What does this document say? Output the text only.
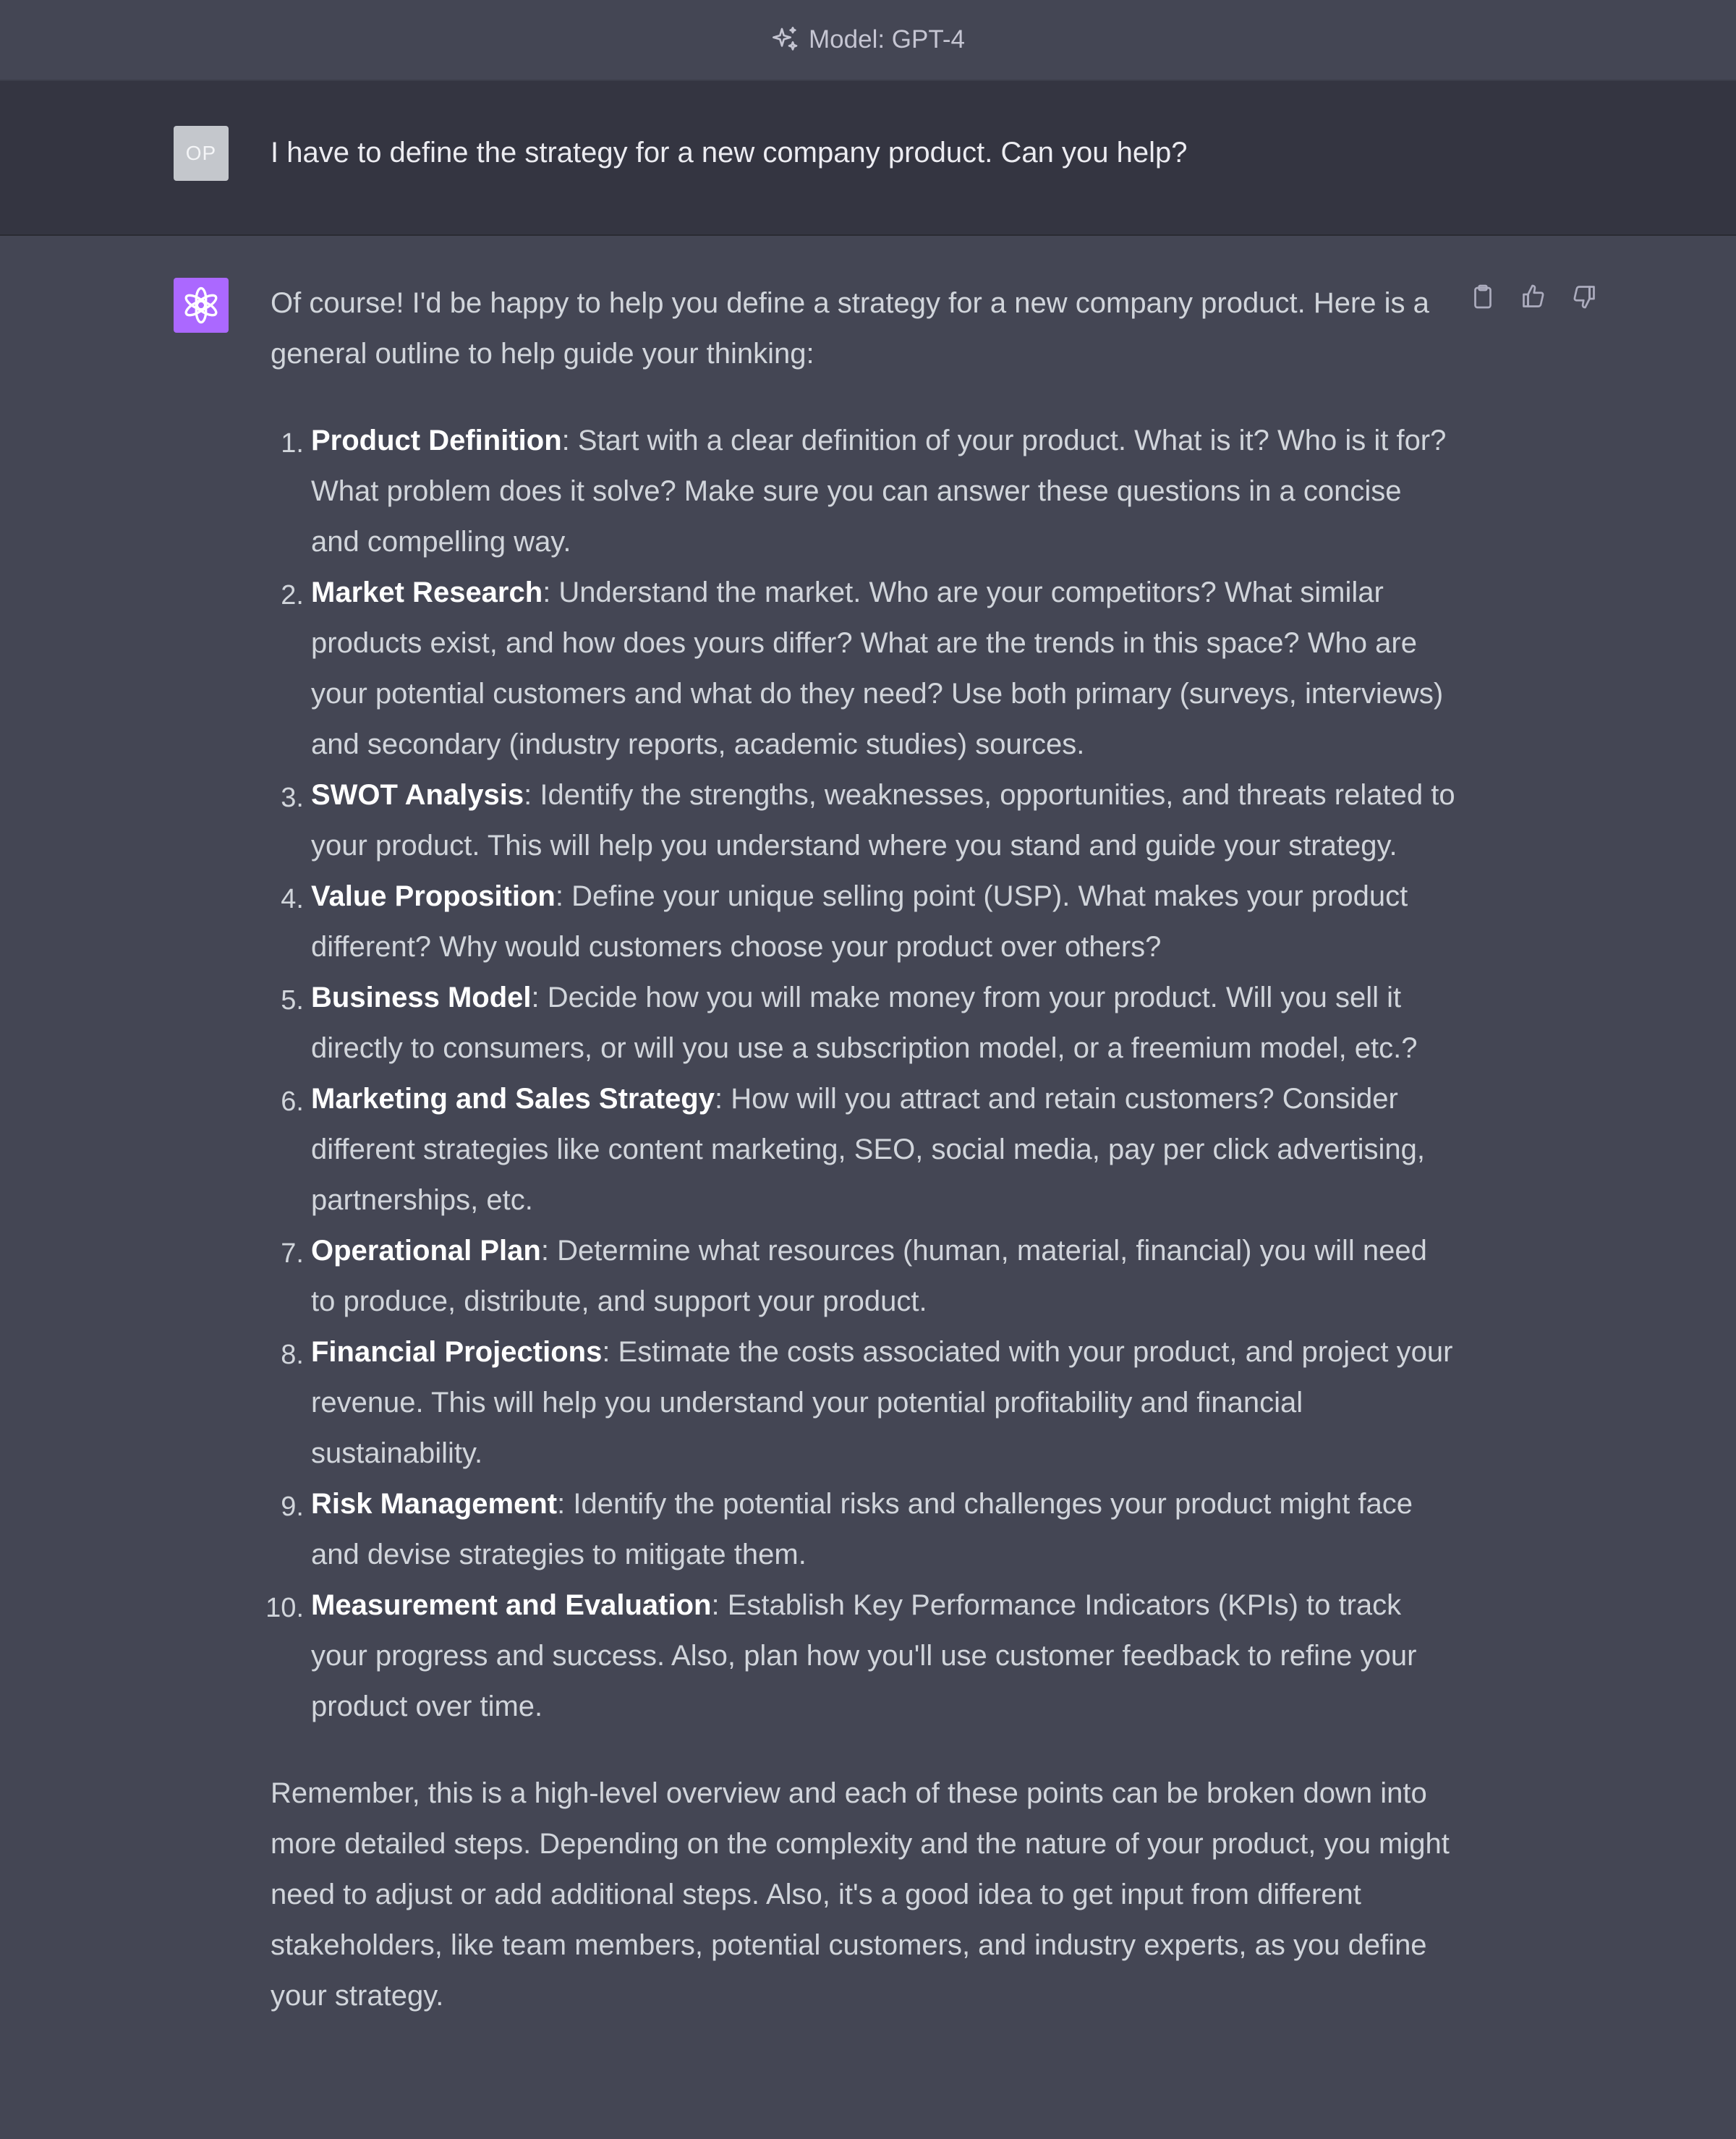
Model: GPT-4
OP I have to define the strategy for a new company product. Can you help?

Of course! I'd be happy to help you define a strategy for a new company product. Here is a general outline to help guide your thinking:

1. Product Definition: Start with a clear definition of your product. What is it? Who is it for? What problem does it solve? Make sure you can answer these questions in a concise and compelling way.
2. Market Research: Understand the market. Who are your competitors? What similar products exist, and how does yours differ? What are the trends in this space? Who are your potential customers and what do they need? Use both primary (surveys, interviews) and secondary (industry reports, academic studies) sources.
3. SWOT Analysis: Identify the strengths, weaknesses, opportunities, and threats related to your product. This will help you understand where you stand and guide your strategy.
4. Value Proposition: Define your unique selling point (USP). What makes your product different? Why would customers choose your product over others?
5. Business Model: Decide how you will make money from your product. Will you sell it directly to consumers, or will you use a subscription model, or a freemium model, etc.?
6. Marketing and Sales Strategy: How will you attract and retain customers? Consider different strategies like content marketing, SEO, social media, pay per click advertising, partnerships, etc.
7. Operational Plan: Determine what resources (human, material, financial) you will need to produce, distribute, and support your product.
8. Financial Projections: Estimate the costs associated with your product, and project your revenue. This will help you understand your potential profitability and financial sustainability.
9. Risk Management: Identify the potential risks and challenges your product might face and devise strategies to mitigate them.
10. Measurement and Evaluation: Establish Key Performance Indicators (KPIs) to track your progress and success. Also, plan how you'll use customer feedback to refine your product over time.

Remember, this is a high-level overview and each of these points can be broken down into more detailed steps. Depending on the complexity and the nature of your product, you might need to adjust or add additional steps. Also, it's a good idea to get input from different stakeholders, like team members, potential customers, and industry experts, as you define your strategy.
